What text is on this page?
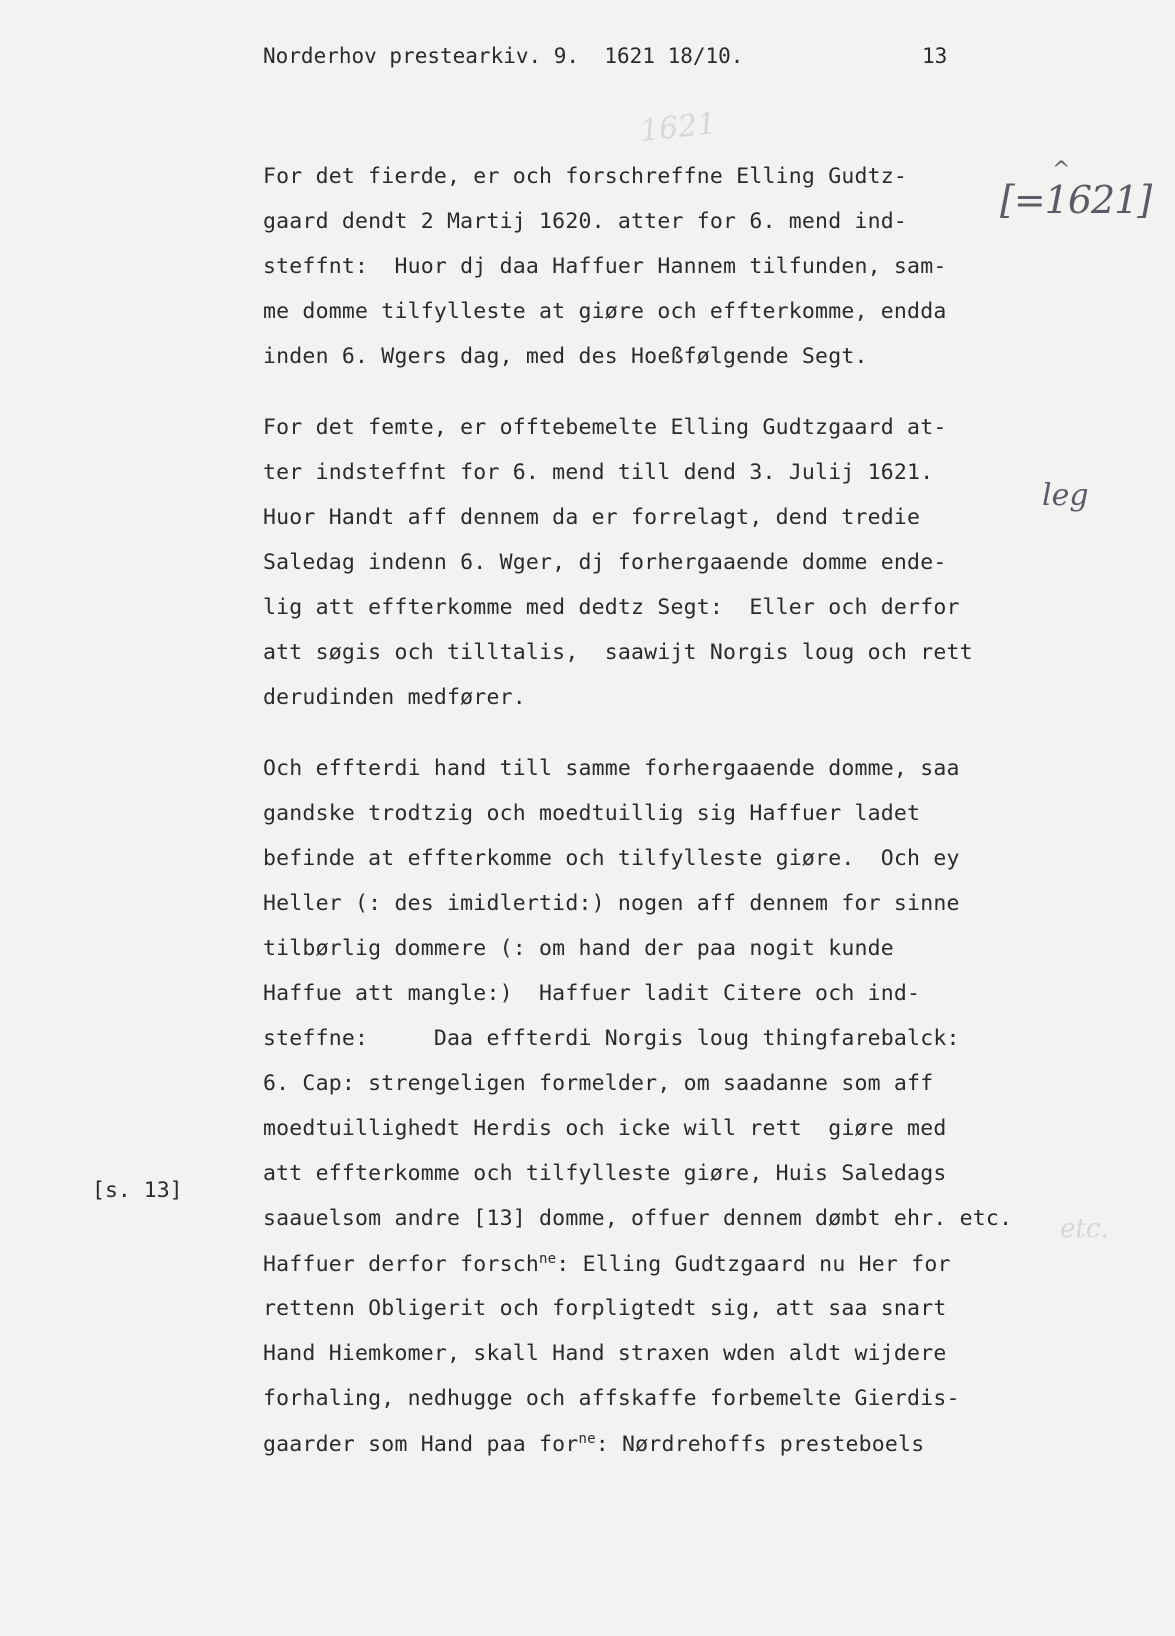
Norderhov prestearkiv. 9.  1621 18/10.	13
1621
etc.
^
[=1621]
leg
[s. 13]
For det fierde, er och forschreffne Elling Gudtz-
gaard dendt 2 Martij 1620. atter for 6. mend ind-
steffnt:  Huor dj daa Haffuer Hannem tilfunden, sam-
me domme tilfylleste at giøre och effterkomme, endda
inden 6. Wgers dag, med des Hoeßfølgende Segt.
For det femte, er offtebemelte Elling Gudtzgaard at-
ter indsteffnt for 6. mend till dend 3. Julij 1621.
Huor Handt aff dennem da er forrelagt, dend tredie
Saledag indenn 6. Wger, dj forhergaaende domme ende-
lig att effterkomme med dedtz Segt:  Eller och derfor
att søgis och tilltalis,  saawijt Norgis loug och rett
derudinden medfører.
Och effterdi hand till samme forhergaaende domme, saa
gandske trodtzig och moedtuillig sig Haffuer ladet
befinde at effterkomme och tilfylleste giøre.  Och ey
Heller (: des imidlertid:) nogen aff dennem for sinne
tilbørlig dommere (: om hand der paa nogit kunde
Haffue att mangle:)  Haffuer ladit Citere och ind-
steffne:     Daa effterdi Norgis loug thingfarebalck:
6. Cap: strengeligen formelder, om saadanne som aff
moedtuillighedt Herdis och icke will rett  giøre med
att effterkomme och tilfylleste giøre, Huis Saledags
saauelsom andre [13] domme, offuer dennem dømbt ehr. etc.
Haffuer derfor forsch$^{ne}$: Elling Gudtzgaard nu Her for
rettenn Obligerit och forpligtedt sig, att saa snart
Hand Hiemkomer, skall Hand straxen wden aldt wijdere
forhaling, nedhugge och affskaffe forbemelte Gierdis-
gaarder som Hand paa for$^{ne}$: Nørdrehoffs presteboels
